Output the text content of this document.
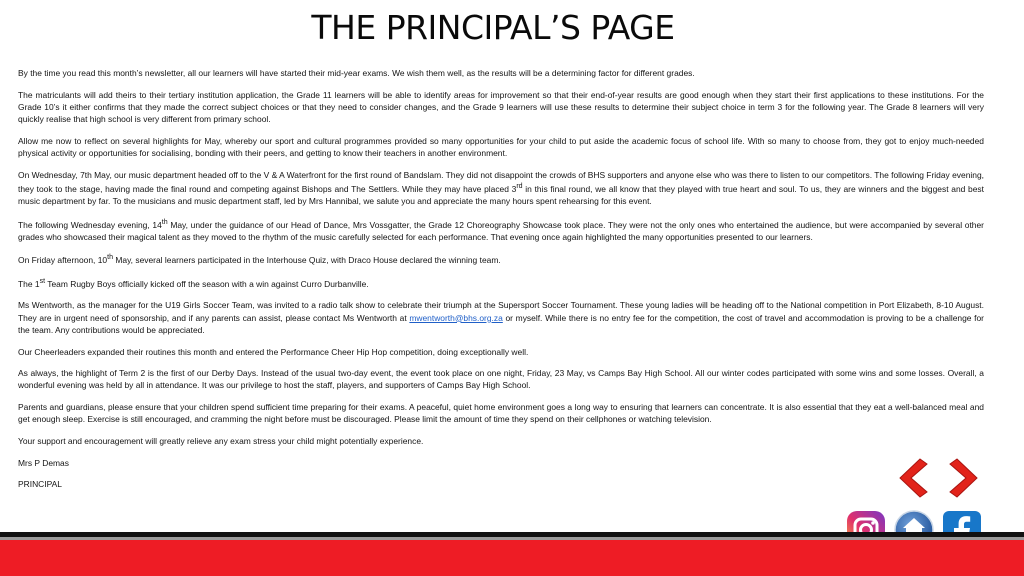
THE PRINCIPAL’S PAGE

By the time you read this month’s newsletter, all our learners will have started their mid-year exams. We wish them well, as the results will be a determining factor for different grades.

The matriculants will add theirs to their tertiary institution application, the Grade 11 learners will be able to identify areas for improvement so that their end-of-year results are good enough when they start their first applications to these institutions. For the Grade 10’s it either confirms that they made the correct subject choices or that they need to consider changes, and the Grade 9 learners will use these results to determine their subject choice in term 3 for the following year. The Grade 8 learners will very quickly realise that high school is very different from primary school.

Allow me now to reflect on several highlights for May, whereby our sport and cultural programmes provided so many opportunities for your child to put aside the academic focus of school life. With so many to choose from, they got to enjoy much-needed physical activity or opportunities for socialising, bonding with their peers, and getting to know their teachers in another environment.

On Wednesday, 7th May, our music department headed off to the V & A Waterfront for the first round of Bandslam. They did not disappoint the crowds of BHS supporters and anyone else who was there to listen to our competitors. The following Friday evening, they took to the stage, having made the final round and competing against Bishops and The Settlers. While they may have placed 3rd in this final round, we all know that they played with true heart and soul. To us, they are winners and the biggest and best music department by far. To the musicians and music department staff, led by Mrs Hannibal, we salute you and appreciate the many hours spent rehearsing for this event.

The following Wednesday evening, 14th May, under the guidance of our Head of Dance, Mrs Vossgatter, the Grade 12 Choreography Showcase took place. They were not the only ones who entertained the audience, but were accompanied by several other grades who showcased their magical talent as they moved to the rhythm of the music carefully selected for each performance. That evening once again highlighted the many opportunities presented to our learners.

On Friday afternoon, 10th May, several learners participated in the Interhouse Quiz, with Draco House declared the winning team.

The 1st Team Rugby Boys officially kicked off the season with a win against Curro Durbanville.

Ms Wentworth, as the manager for the U19 Girls Soccer Team, was invited to a radio talk show to celebrate their triumph at the Supersport Soccer Tournament. These young ladies will be heading off to the National competition in Port Elizabeth, 8-10 August. They are in urgent need of sponsorship, and if any parents can assist, please contact Ms Wentworth at mwentworth@bhs.org.za or myself. While there is no entry fee for the competition, the cost of travel and accommodation is proving to be a challenge for the team. Any contributions would be appreciated.

Our Cheerleaders expanded their routines this month and entered the Performance Cheer Hip Hop competition, doing exceptionally well.

As always, the highlight of Term 2 is the first of our Derby Days. Instead of the usual two-day event, the event took place on one night, Friday, 23 May, vs Camps Bay High School. All our winter codes participated with some wins and some losses. Overall, a wonderful evening was held by all in attendance. It was our privilege to host the staff, players, and supporters of Camps Bay High School.

Parents and guardians, please ensure that your children spend sufficient time preparing for their exams. A peaceful, quiet home environment goes a long way to ensuring that learners can concentrate. It is also essential that they eat a well-balanced meal and get enough sleep. Exercise is still encouraged, and cramming the night before must be discouraged. Please limit the amount of time they spend on their cellphones or watching television.

Your support and encouragement will greatly relieve any exam stress your child might potentially experience.

Mrs P Demas

PRINCIPAL
